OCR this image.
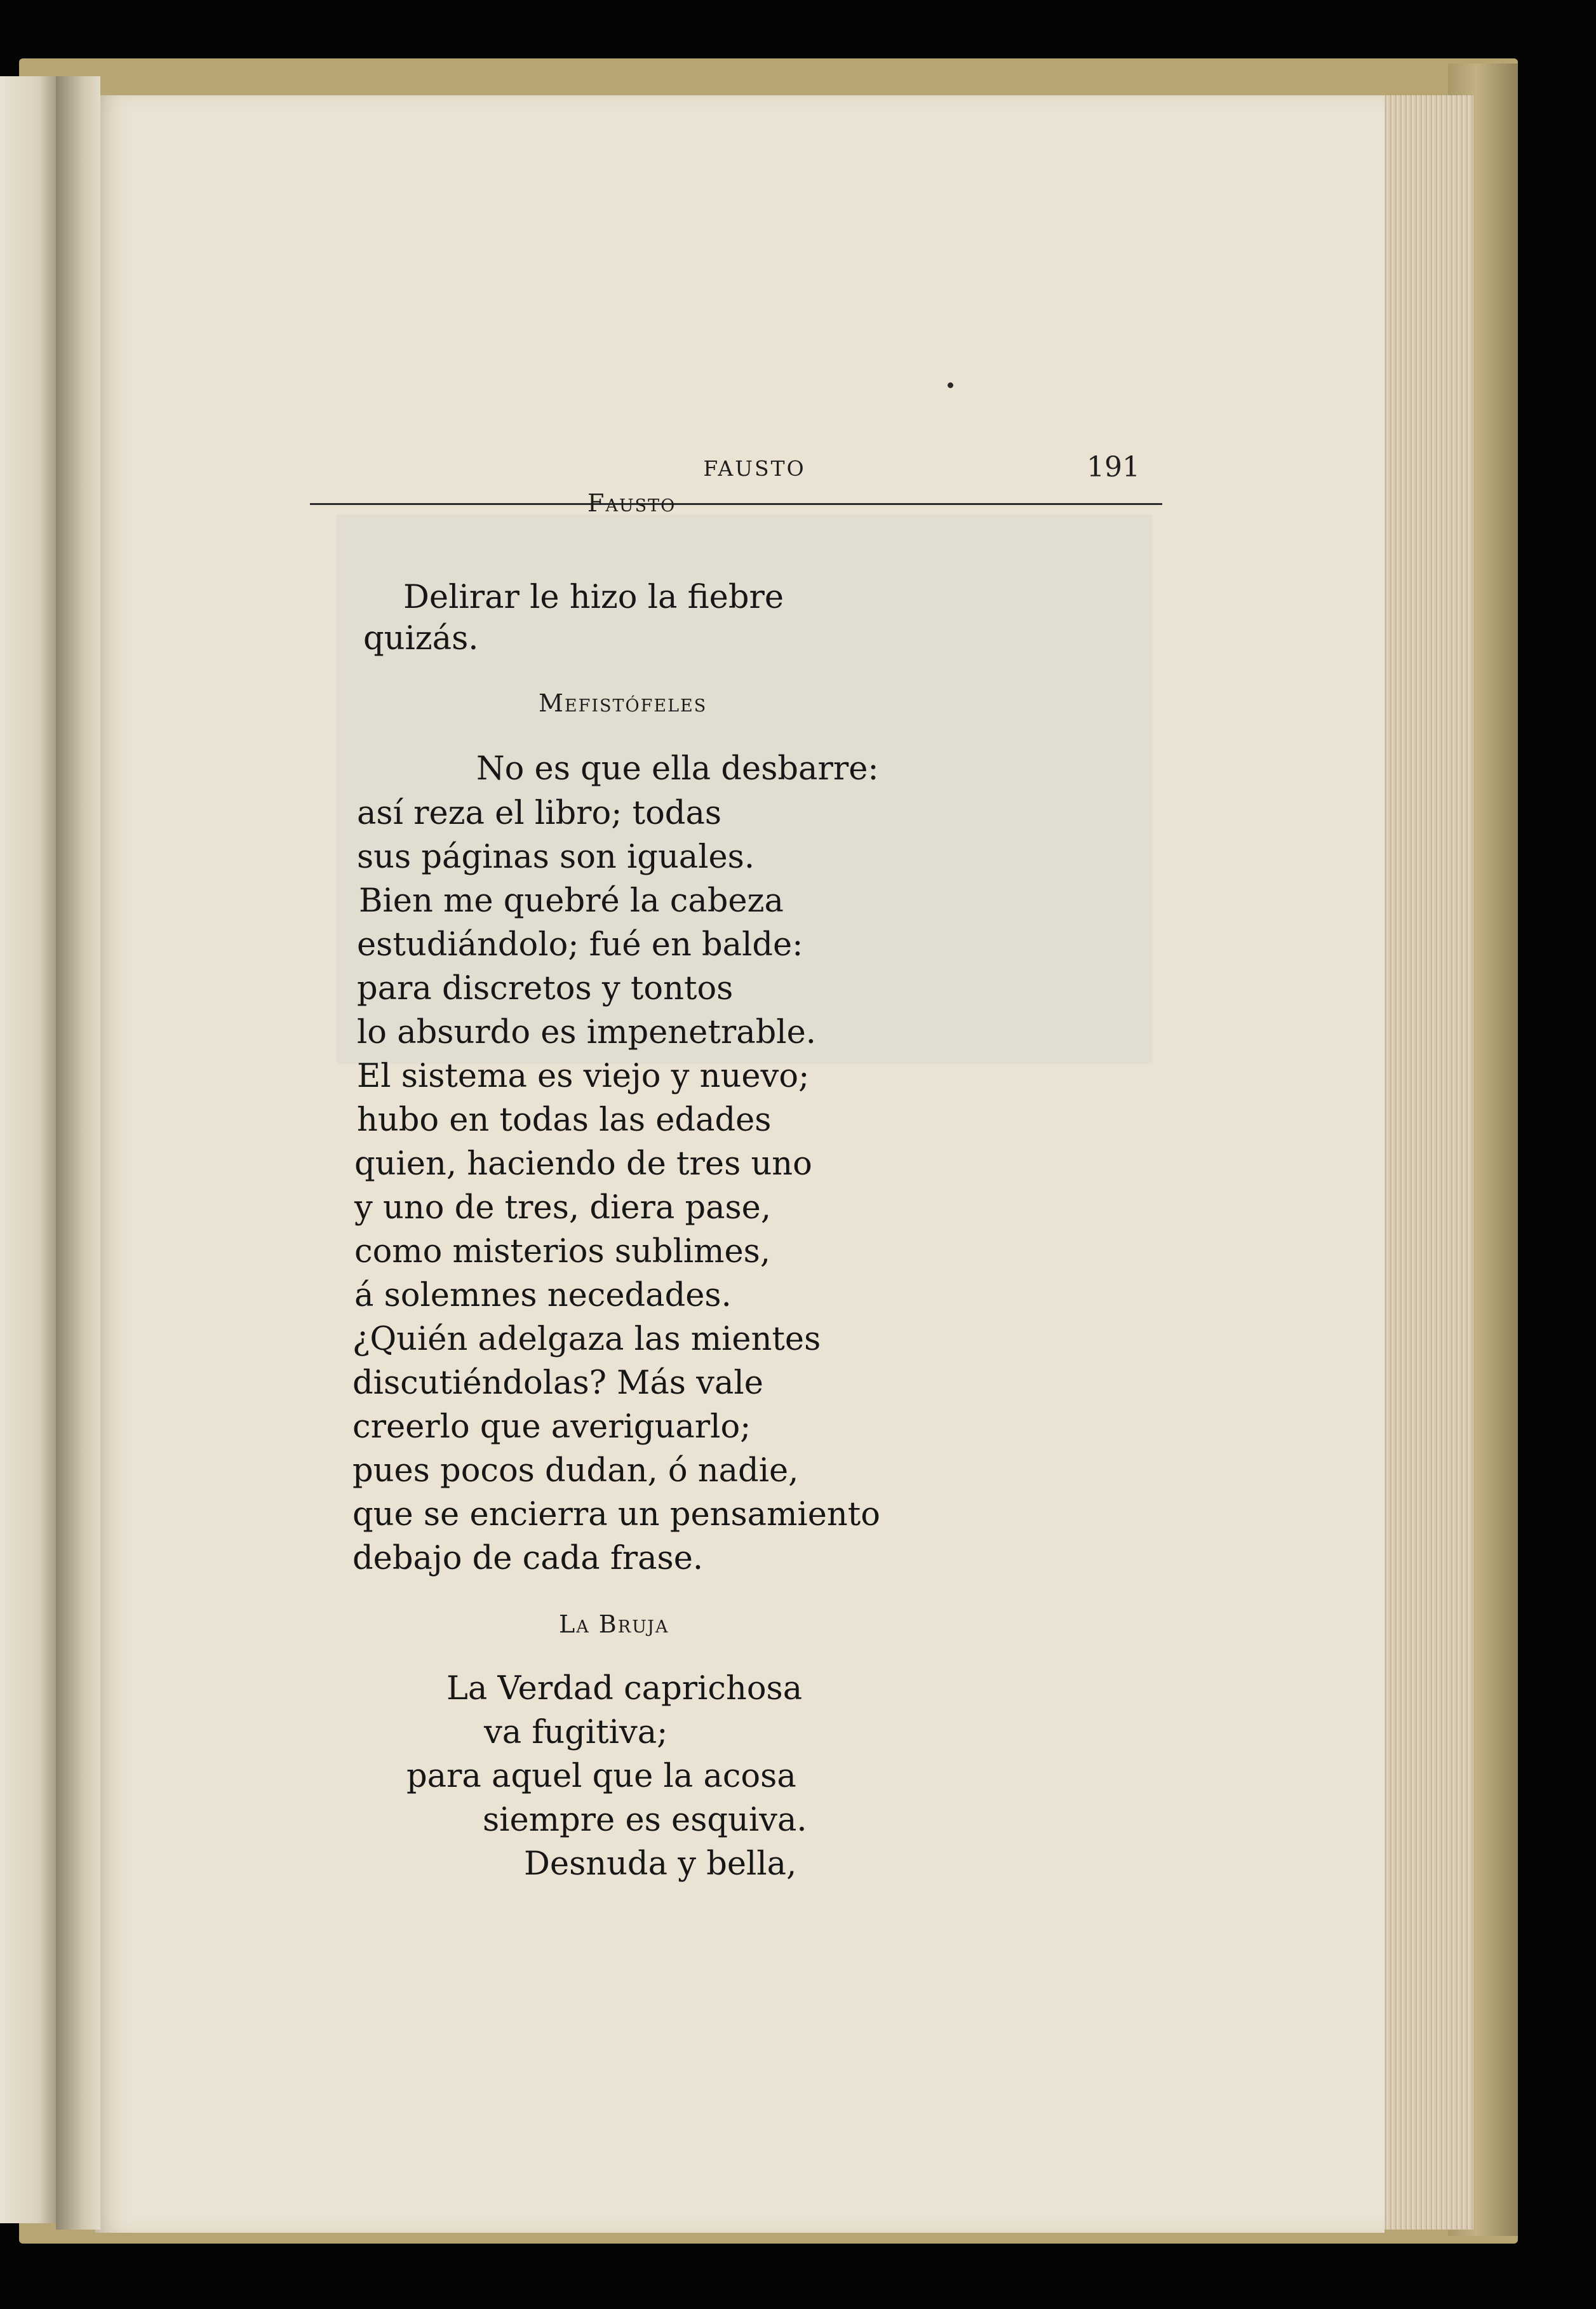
FAUSTO	191
Fausto
Delirar le hizo la fiebre
quizás.
Mefistófeles
No es que ella desbarre:
así reza el libro; todas
sus páginas son iguales.
Bien me quebré la cabeza
estudiándolo; fué en balde:
para discretos y tontos
lo absurdo es impenetrable.
El sistema es viejo y nuevo;
hubo en todas las edades
quien, haciendo de tres uno
y uno de tres, diera pase,
como misterios sublimes,
á solemnes necedades.
¿Quién adelgaza las mientes
discutiéndolas? Más vale
creerlo que averiguarlo;
pues pocos dudan, ó nadie,
que se encierra un pensamiento
debajo de cada frase.
La Bruja
La Verdad caprichosa
va fugitiva;
para aquel que la acosa
siempre es esquiva.
Desnuda y bella,
